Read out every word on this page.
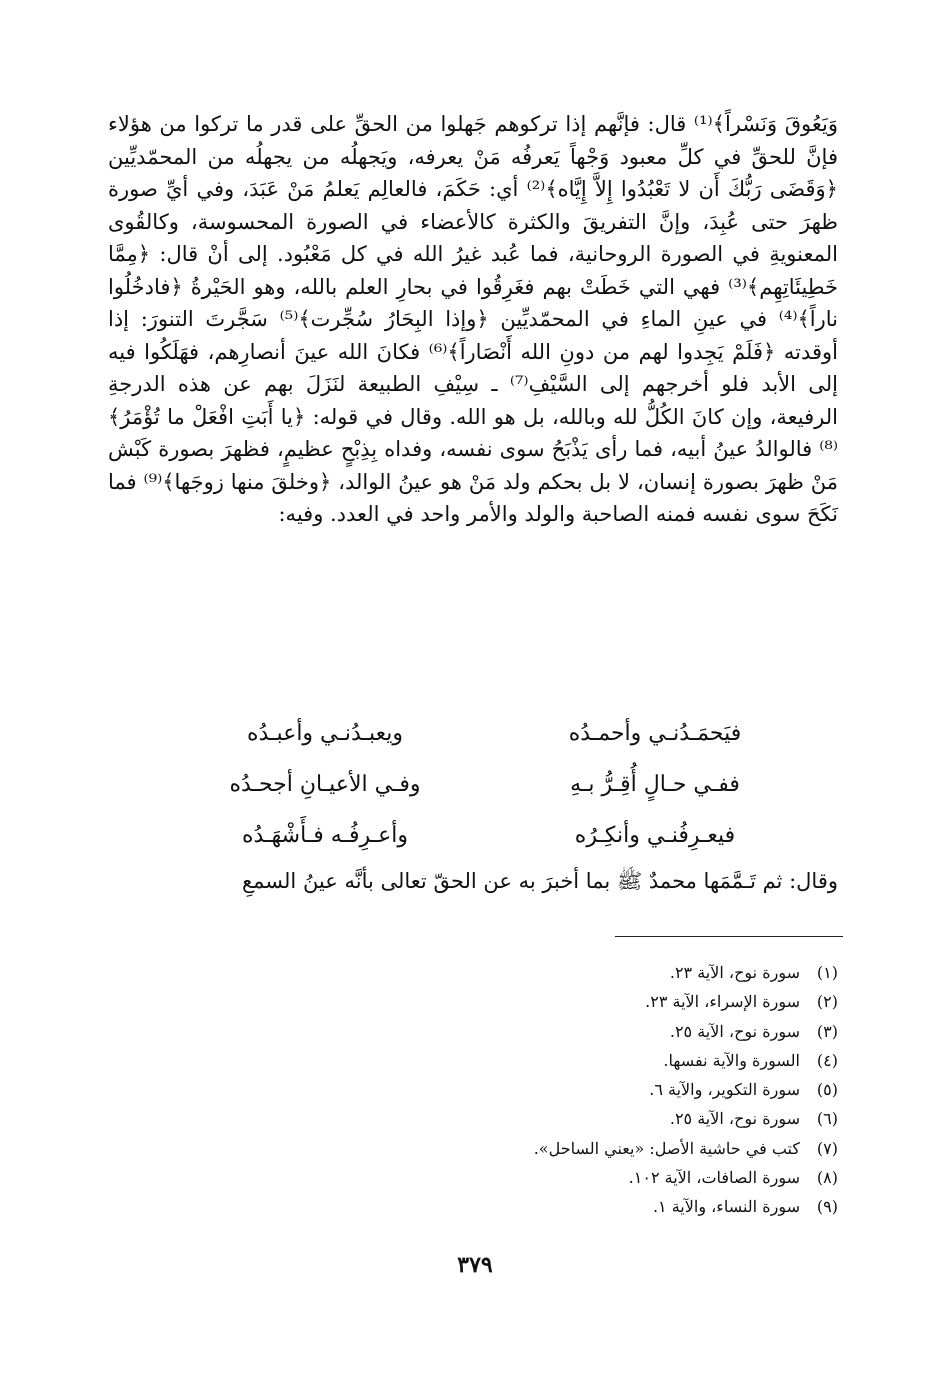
وَيَعُوقَ وَنَسْراً﴾⁽¹⁾ قال: فإنَّهم إذا تركوهم جَهلوا من الحقِّ على قدر ما تركوا من هؤلاء فإنَّ للحقِّ في كلِّ معبود وَجْهاً يَعرفُه مَنْ يعرفه، ويَجهلُه من يجهلُه من المحمّديِّين ﴿وَقَضَى رَبُّكَ أَن لا تَعْبُدُوا إِلاَّ إِيَّاه﴾⁽²⁾ أي: حَكَمَ، فالعالِم يَعلمُ مَنْ عَبَدَ، وفي أيِّ صورة ظهرَ حتى عُبِدَ، وإنَّ التفريقَ والكثرة كالأعضاء في الصورة المحسوسة، وكالقُوى المعنويةِ في الصورة الروحانية، فما عُبد غيرُ الله في كل مَعْبُود. إلى أنْ قال: ﴿مِمَّا خَطِيئَاتِهِم﴾⁽³⁾ فهي التي خَطَتْ بهم فغَرِقُوا في بحارِ العلم بالله، وهو الحَيْرةُ ﴿فادخُلُوا ناراً﴾⁽⁴⁾ في عينِ الماءِ في المحمّديِّين ﴿وإذا البِحَارُ سُجِّرت﴾⁽⁵⁾ سَجَّرتَ التنورَ: إذا أوقدته ﴿فَلَمْ يَجِدوا لهم من دونِ الله أَنْصَاراً﴾⁽⁶⁾ فكانَ الله عينَ أنصارِهم، فهَلَكُوا فيه إلى الأبد فلو أخرجهم إلى السَّيْفِ⁽⁷⁾ ـ سِيْفِ الطبيعة لنَزَلَ بهم عن هذه الدرجةِ الرفيعة، وإن كانَ الكُلُّ لله وبالله، بل هو الله. وقال في قوله: ﴿يا أَبَتِ افْعَلْ ما تُؤْمَرُ﴾⁽⁸⁾ فالوالدُ عينُ أبيه، فما رأى يَذْبَحُ سوى نفسه، وفداه بِذِبْحٍ عظيمٍ، فظهرَ بصورة كَبْش مَنْ ظهرَ بصورة إنسان، لا بل بحكم ولد مَنْ هو عينُ الوالد، ﴿وخلقَ منها زوجَها﴾⁽⁹⁾ فما نَكَحَ سوى نفسه فمنه الصاحبة والولد والأمر واحد في العدد. وفيه:

فيَحمَـدُنـي وأحمـدُه
ويعبـدُنـي وأعبـدُه
ففـي حـالٍ أُقِـرُّ بـهِ
وفـي الأعيـانِ أجحـدُه
فيعـرِفُنـي وأنكِـرُه
وأعـرِفُـه فـأَشْهَـدُه
وقال: ثم تَـمَّمَها محمدٌ ﷺ بما أخبرَ به عن الحقّ تعالى بأنَّه عينُ السمعِ
(١)
سورة نوح، الآية ٢٣.
(٢)
سورة الإسراء، الآية ٢٣.
(٣)
سورة نوح، الآية ٢٥.
(٤)
السورة والآية نفسها.
(٥)
سورة التكوير، والآية ٦.
(٦)
سورة نوح، الآية ٢٥.
(٧)
كتب في حاشية الأصل: «يعني الساحل».
(٨)
سورة الصافات، الآية ١٠٢.
(٩)
سورة النساء، والآية ١.
٣٧٩
